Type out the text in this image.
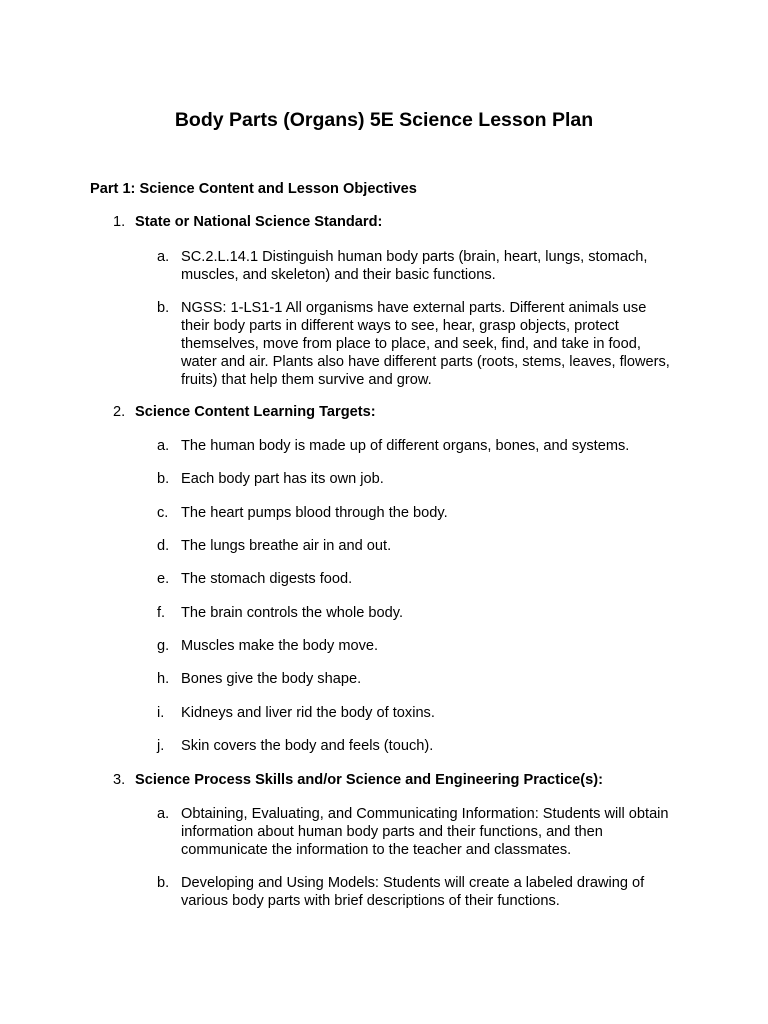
Body Parts (Organs) 5E Science Lesson Plan
Part 1: Science Content and Lesson Objectives
1. State or National Science Standard:
a. SC.2.L.14.1 Distinguish human body parts (brain, heart, lungs, stomach, muscles, and skeleton) and their basic functions.
b. NGSS: 1-LS1-1 All organisms have external parts. Different animals use their body parts in different ways to see, hear, grasp objects, protect themselves, move from place to place, and seek, find, and take in food, water and air. Plants also have different parts (roots, stems, leaves, flowers, fruits) that help them survive and grow.
2. Science Content Learning Targets:
a. The human body is made up of different organs, bones, and systems.
b. Each body part has its own job.
c. The heart pumps blood through the body.
d. The lungs breathe air in and out.
e. The stomach digests food.
f.	The brain controls the whole body.
g. Muscles make the body move.
h. Bones give the body shape.
i.	Kidneys and liver rid the body of toxins.
j.	Skin covers the body and feels (touch).
3. Science Process Skills and/or Science and Engineering Practice(s):
a. Obtaining, Evaluating, and Communicating Information: Students will obtain information about human body parts and their functions, and then communicate the information to the teacher and classmates.
b. Developing and Using Models: Students will create a labeled drawing of various body parts with brief descriptions of their functions.
